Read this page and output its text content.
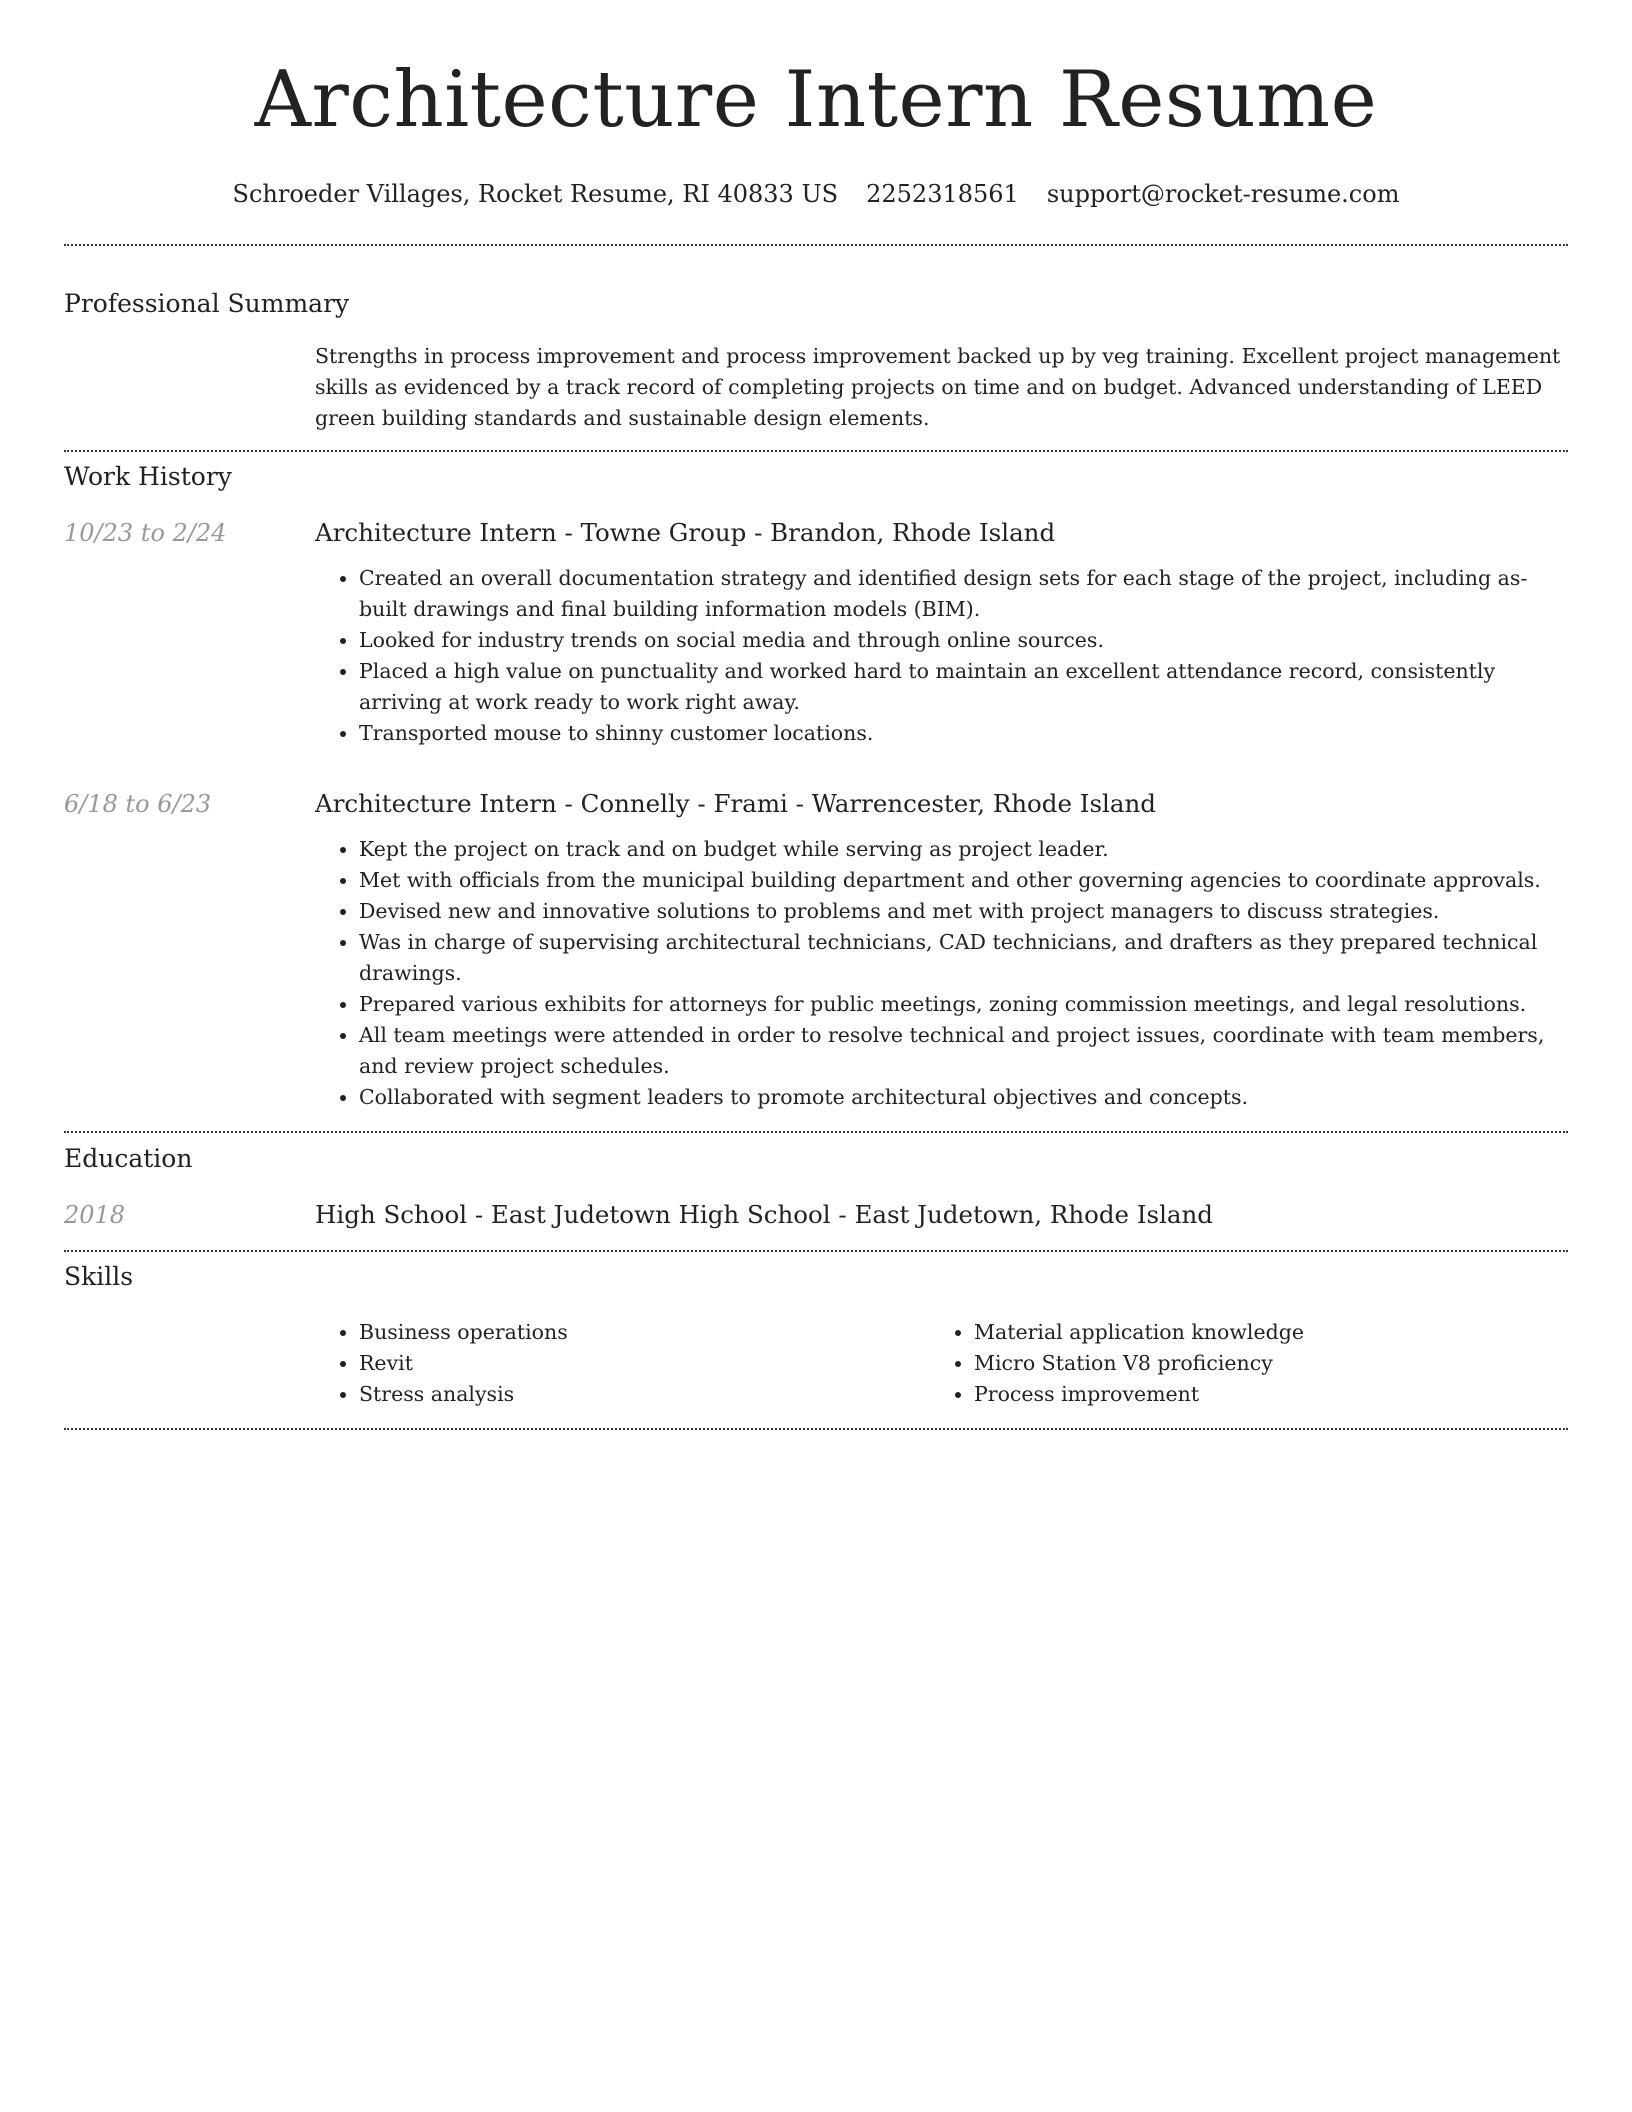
Architecture Intern Resume
Schroeder Villages, Rocket Resume, RI 40833 US 2252318561 support@rocket-resume.com
Professional Summary

Strengths in process improvement and process improvement backed up by veg training. Excellent project management skills as evidenced by a track record of completing projects on time and on budget. Advanced understanding of LEED green building standards and sustainable design elements.

Work History
10/23 to 2/24	Architecture Intern - Towne Group - Brandon, Rhode Island
• Created an overall documentation strategy and identified design sets for each stage of the project, including as-built drawings and final building information models (BIM).
• Looked for industry trends on social media and through online sources.
• Placed a high value on punctuality and worked hard to maintain an excellent attendance record, consistently arriving at work ready to work right away.
• Transported mouse to shinny customer locations.
6/18 to 6/23	Architecture Intern - Connelly - Frami - Warrencester, Rhode Island
• Kept the project on track and on budget while serving as project leader.
• Met with officials from the municipal building department and other governing agencies to coordinate approvals.
• Devised new and innovative solutions to problems and met with project managers to discuss strategies.
• Was in charge of supervising architectural technicians, CAD technicians, and drafters as they prepared technical drawings.
• Prepared various exhibits for attorneys for public meetings, zoning commission meetings, and legal resolutions.
• All team meetings were attended in order to resolve technical and project issues, coordinate with team members, and review project schedules.
• Collaborated with segment leaders to promote architectural objectives and concepts.
Education
2018	High School - East Judetown High School - East Judetown, Rhode Island
Skills
• Business operations
• Revit
• Stress analysis
• Material application knowledge
• Micro Station V8 proficiency
• Process improvement
